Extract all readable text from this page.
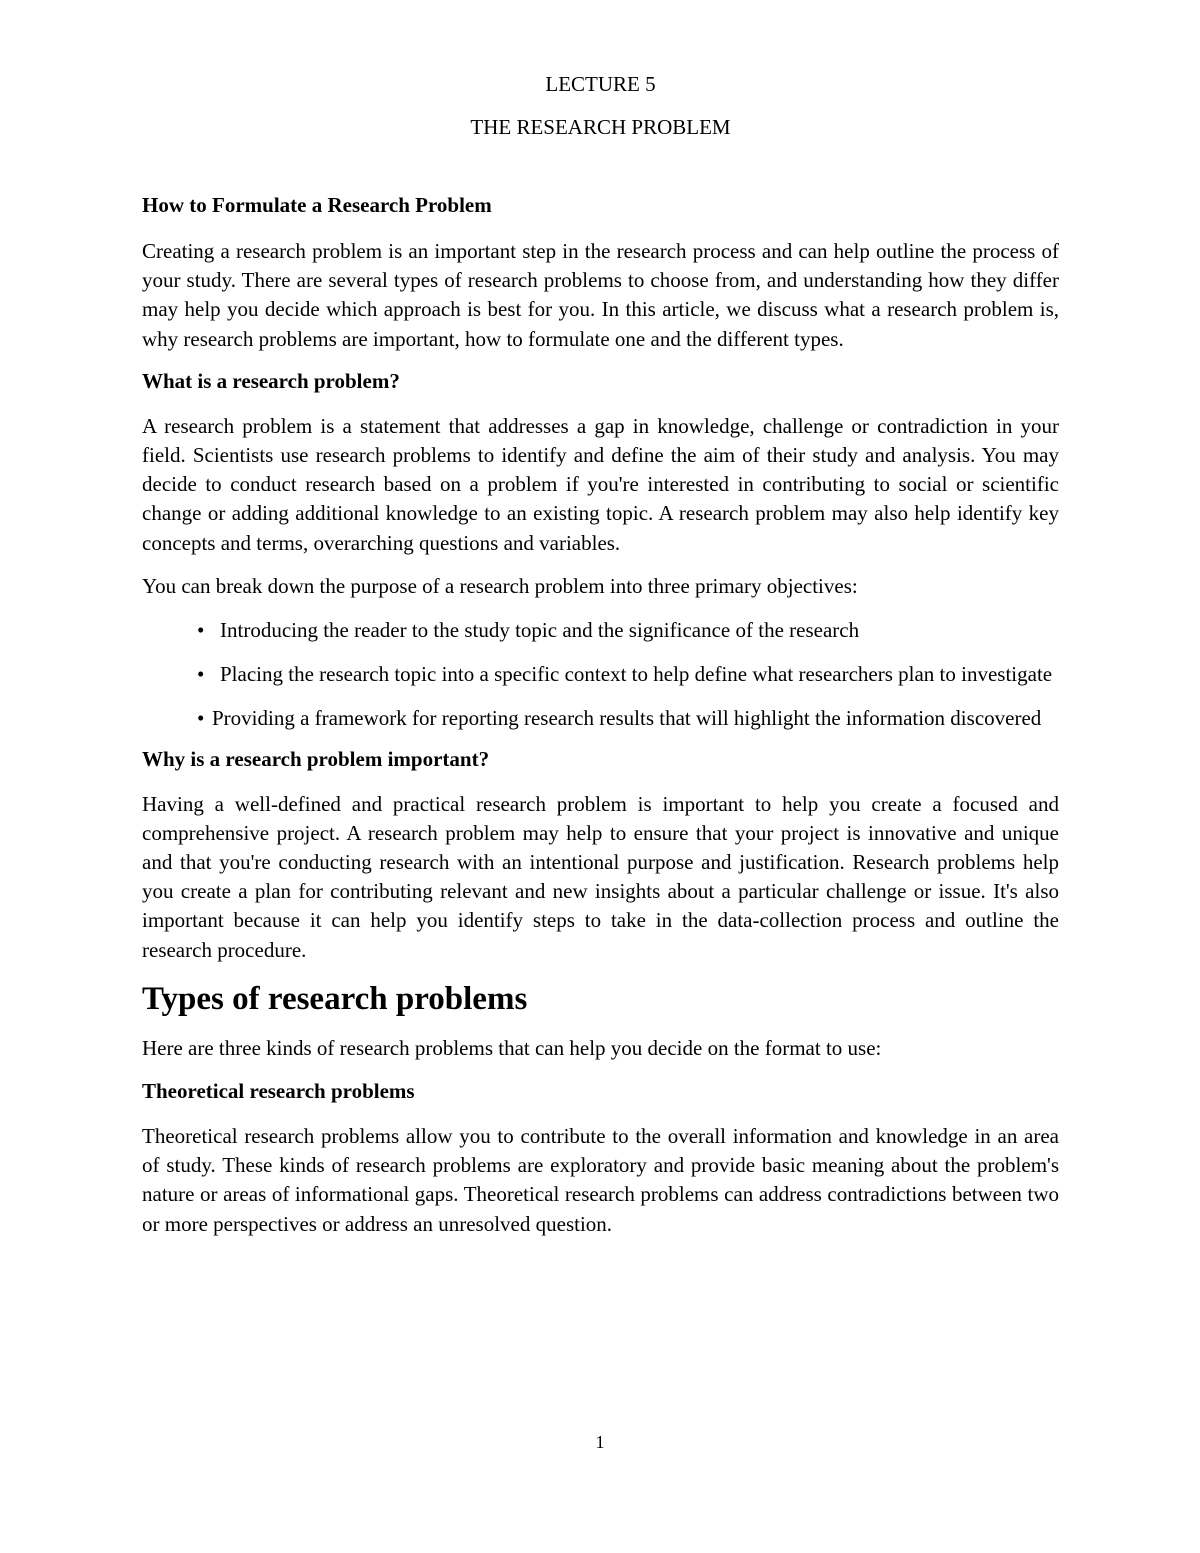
LECTURE 5

THE RESEARCH PROBLEM

How to Formulate a Research Problem

Creating a research problem is an important step in the research process and can help outline the process of your study. There are several types of research problems to choose from, and understanding how they differ may help you decide which approach is best for you. In this article, we discuss what a research problem is, why research problems are important, how to formulate one and the different types.

What is a research problem?

A research problem is a statement that addresses a gap in knowledge, challenge or contradiction in your field. Scientists use research problems to identify and define the aim of their study and analysis. You may decide to conduct research based on a problem if you're interested in contributing to social or scientific change or adding additional knowledge to an existing topic. A research problem may also help identify key concepts and terms, overarching questions and variables.

You can break down the purpose of a research problem into three primary objectives:

• Introducing the reader to the study topic and the significance of the research
• Placing the research topic into a specific context to help define what researchers plan to investigate
• Providing a framework for reporting research results that will highlight the information discovered
Why is a research problem important?

Having a well-defined and practical research problem is important to help you create a focused and comprehensive project. A research problem may help to ensure that your project is innovative and unique and that you're conducting research with an intentional purpose and justification. Research problems help you create a plan for contributing relevant and new insights about a particular challenge or issue. It's also important because it can help you identify steps to take in the data-collection process and outline the research procedure.

Types of research problems

Here are three kinds of research problems that can help you decide on the format to use:

Theoretical research problems

Theoretical research problems allow you to contribute to the overall information and knowledge in an area of study. These kinds of research problems are exploratory and provide basic meaning about the problem's nature or areas of informational gaps. Theoretical research problems can address contradictions between two or more perspectives or address an unresolved question.

1
